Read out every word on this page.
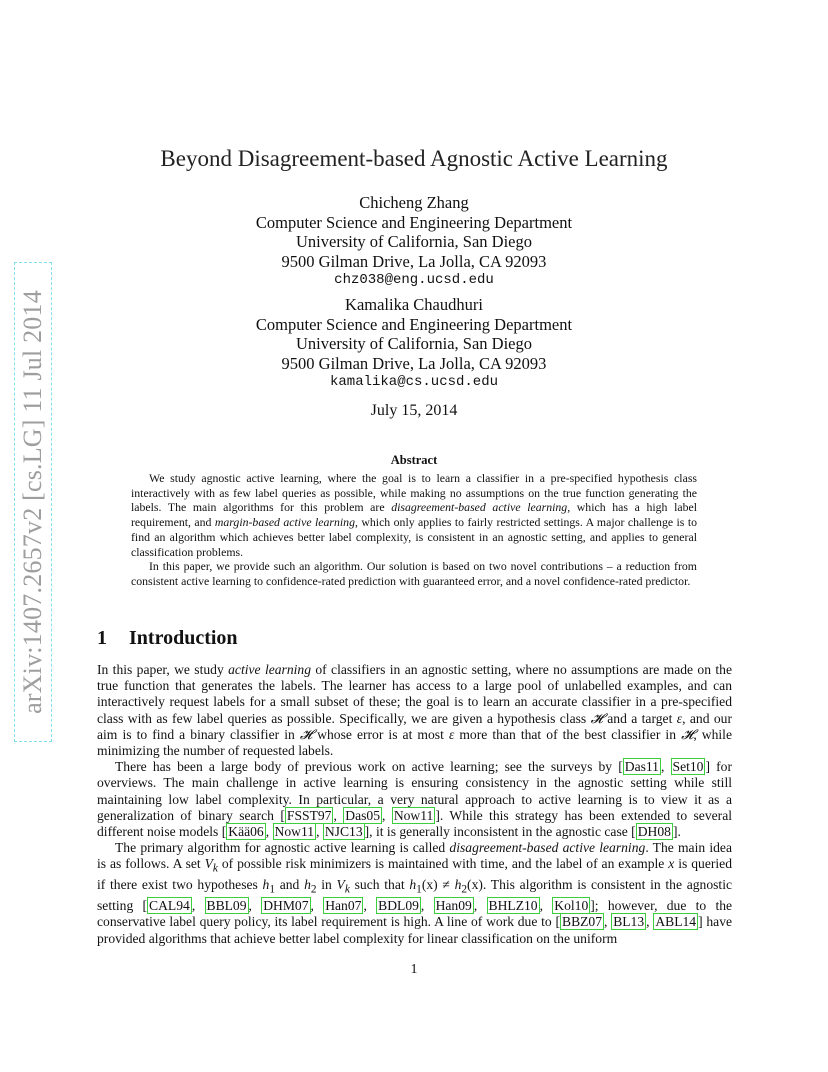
arXiv:1407.2657v2 [cs.LG] 11 Jul 2014
Beyond Disagreement-based Agnostic Active Learning
Chicheng Zhang
Computer Science and Engineering Department
University of California, San Diego
9500 Gilman Drive, La Jolla, CA 92093
chz038@eng.ucsd.edu
Kamalika Chaudhuri
Computer Science and Engineering Department
University of California, San Diego
9500 Gilman Drive, La Jolla, CA 92093
kamalika@cs.ucsd.edu
July 15, 2014
Abstract

We study agnostic active learning, where the goal is to learn a classifier in a pre-specified hypothesis class interactively with as few label queries as possible, while making no assumptions on the true function generating the labels. The main algorithms for this problem are disagreement-based active learning, which has a high label requirement, and margin-based active learning, which only applies to fairly restricted settings. A major challenge is to find an algorithm which achieves better label complexity, is consistent in an agnostic setting, and applies to general classification problems.

In this paper, we provide such an algorithm. Our solution is based on two novel contributions – a reduction from consistent active learning to confidence-rated prediction with guaranteed error, and a novel confidence-rated predictor.

1 Introduction

In this paper, we study active learning of classifiers in an agnostic setting, where no assumptions are made on the true function that generates the labels. The learner has access to a large pool of unlabelled examples, and can interactively request labels for a small subset of these; the goal is to learn an accurate classifier in a pre-specified class with as few label queries as possible. Specifically, we are given a hypothesis class 𝓗 and a target ε, and our aim is to find a binary classifier in 𝓗 whose error is at most ε more than that of the best classifier in 𝓗, while minimizing the number of requested labels.

There has been a large body of previous work on active learning; see the surveys by [ Das11 , Set10 ] for overviews. The main challenge in active learning is ensuring consistency in the agnostic setting while still maintaining low label complexity. In particular, a very natural approach to active learning is to view it as a generalization of binary search [ FSST97 , Das05 , Now11 ]. While this strategy has been extended to several different noise models [ Kää06 , Now11 , NJC13 ], it is generally inconsistent in the agnostic case [ DH08 ].

The primary algorithm for agnostic active learning is called disagreement-based active learning. The main idea is as follows. A set $V_k$ of possible risk minimizers is maintained with time, and the label of an example x is queried if there exist two hypotheses $h_1$ and $h_2$ in $V_k$ such that $h_1(x) \ne h_2(x)$. This algorithm is consistent in the agnostic setting [ CAL94 , BBL09 , DHM07 , Han07 , BDL09 , Han09 , BHLZ10 , Kol10 ]; however, due to the conservative label query policy, its label requirement is high. A line of work due to [ BBZ07 , BL13 , ABL14 ] have provided algorithms that achieve better label complexity for linear classification on the uniform

1
